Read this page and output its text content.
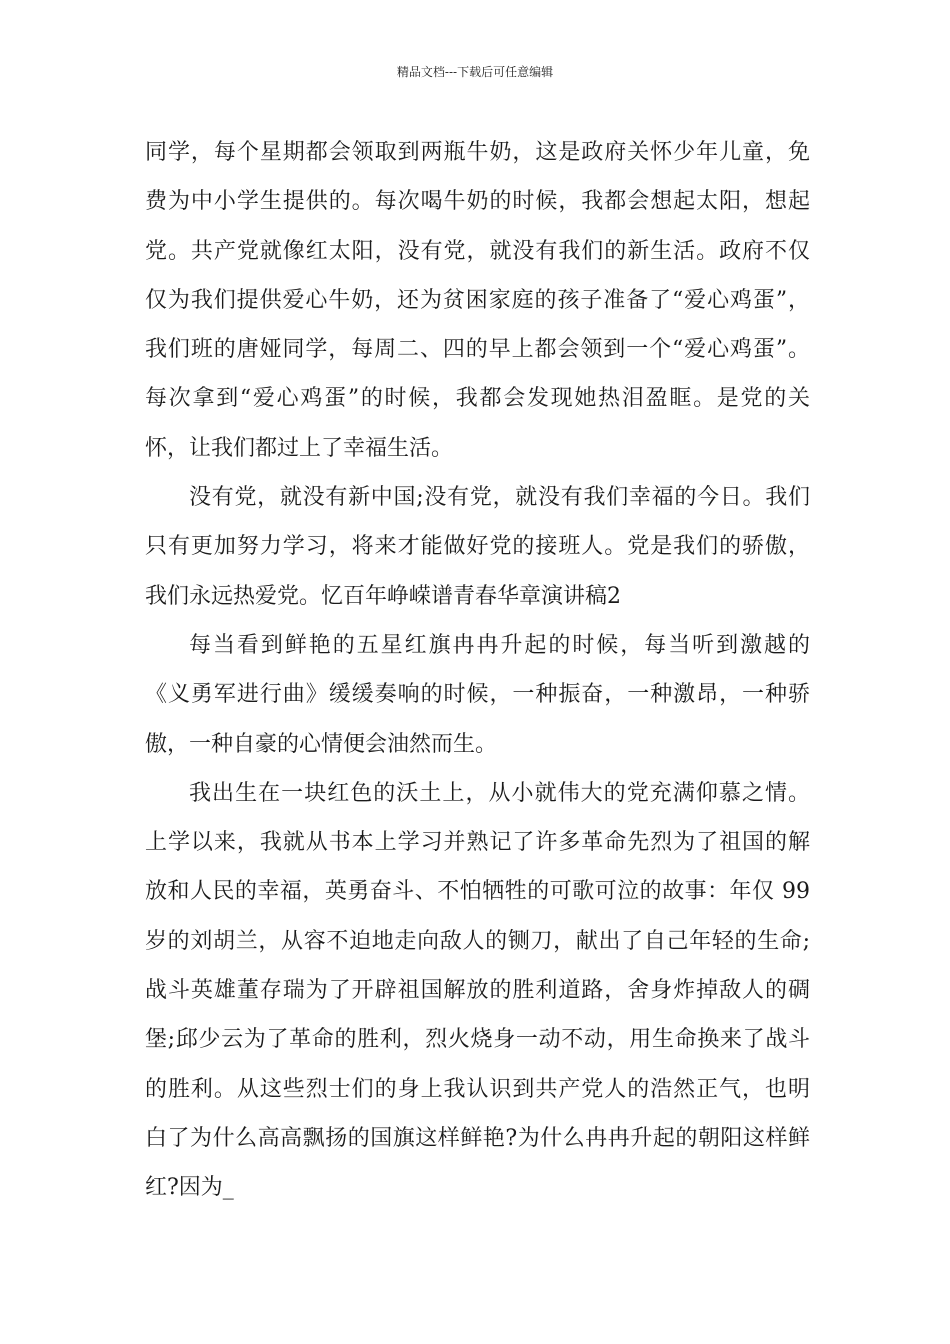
精品文档---下载后可任意编辑
同学，每个星期都会领取到两瓶牛奶，这是政府关怀少年儿童，免
费为中小学生提供的。每次喝牛奶的时候，我都会想起太阳，想起
党。共产党就像红太阳，没有党，就没有我们的新生活。政府不仅
仅为我们提供爱心牛奶，还为贫困家庭的孩子准备了“爱心鸡蛋”，
我们班的唐娅同学，每周二、四的早上都会领到一个“爱心鸡蛋”。
每次拿到“爱心鸡蛋”的时候，我都会发现她热泪盈眶。是党的关
怀，让我们都过上了幸福生活。
没有党，就没有新中国;没有党，就没有我们幸福的今日。我们
只有更加努力学习，将来才能做好党的接班人。党是我们的骄傲，
我们永远热爱党。忆百年峥嵘谱青春华章演讲稿2
每当看到鲜艳的五星红旗冉冉升起的时候，每当听到激越的
《义勇军进行曲》缓缓奏响的时候，一种振奋，一种激昂，一种骄
傲，一种自豪的心情便会油然而生。
我出生在一块红色的沃土上，从小就伟大的党充满仰慕之情。
上学以来，我就从书本上学习并熟记了许多革命先烈为了祖国的解
放和人民的幸福，英勇奋斗、不怕牺牲的可歌可泣的故事：年仅 99
岁的刘胡兰，从容不迫地走向敌人的铡刀，献出了自己年轻的生命;
战斗英雄董存瑞为了开辟祖国解放的胜利道路，舍身炸掉敌人的碉
堡;邱少云为了革命的胜利，烈火烧身一动不动，用生命换来了战斗
的胜利。从这些烈士们的身上我认识到共产党人的浩然正气，也明
白了为什么高高飘扬的国旗这样鲜艳?为什么冉冉升起的朝阳这样鲜
红?因为_
